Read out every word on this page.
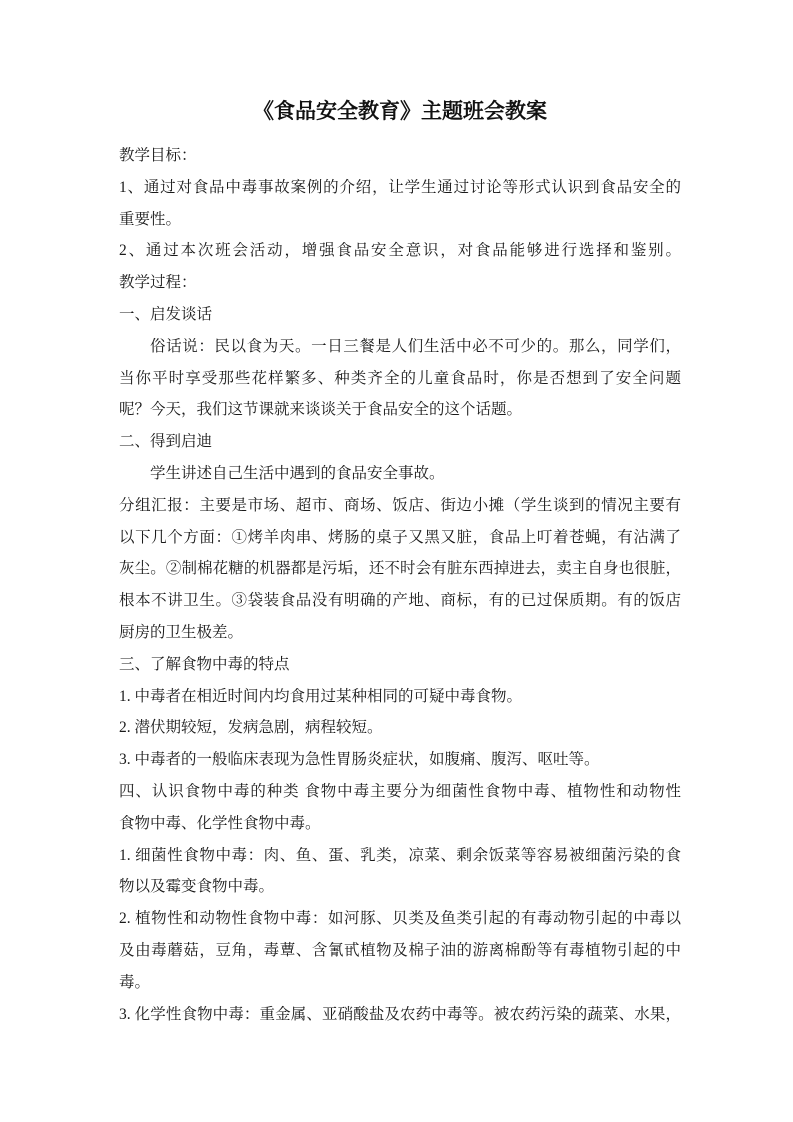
《食品安全教育》主题班会教案
教学目标：
1、通过对食品中毒事故案例的介绍，让学生通过讨论等形式认识到食品安全的
重要性。
2、通过本次班会活动，增强食品安全意识，对食品能够进行选择和鉴别。
教学过程：
一、启发谈话
俗话说：民以食为天。一日三餐是人们生活中必不可少的。那么，同学们，
当你平时享受那些花样繁多、种类齐全的儿童食品时，你是否想到了安全问题
呢？今天，我们这节课就来谈谈关于食品安全的这个话题。
二、得到启迪
学生讲述自己生活中遇到的食品安全事故。
分组汇报：主要是市场、超市、商场、饭店、街边小摊（学生谈到的情况主要有
以下几个方面：①烤羊肉串、烤肠的桌子又黑又脏，食品上叮着苍蝇，有沾满了
灰尘。②制棉花糖的机器都是污垢，还不时会有脏东西掉进去，卖主自身也很脏，
根本不讲卫生。③袋装食品没有明确的产地、商标，有的已过保质期。有的饭店
厨房的卫生极差。
三、了解食物中毒的特点
1. 中毒者在相近时间内均食用过某种相同的可疑中毒食物。
2. 潜伏期较短，发病急剧，病程较短。
3. 中毒者的一般临床表现为急性胃肠炎症状，如腹痛、腹泻、呕吐等。
四、认识食物中毒的种类 食物中毒主要分为细菌性食物中毒、植物性和动物性
食物中毒、化学性食物中毒。
1. 细菌性食物中毒：肉、鱼、蛋、乳类，凉菜、剩余饭菜等容易被细菌污染的食
物以及霉变食物中毒。
2. 植物性和动物性食物中毒：如河豚、贝类及鱼类引起的有毒动物引起的中毒以
及由毒蘑菇，豆角，毒蕈、含氰甙植物及棉子油的游离棉酚等有毒植物引起的中
毒。
3. 化学性食物中毒：重金属、亚硝酸盐及农药中毒等。被农药污染的蔬菜、水果，
